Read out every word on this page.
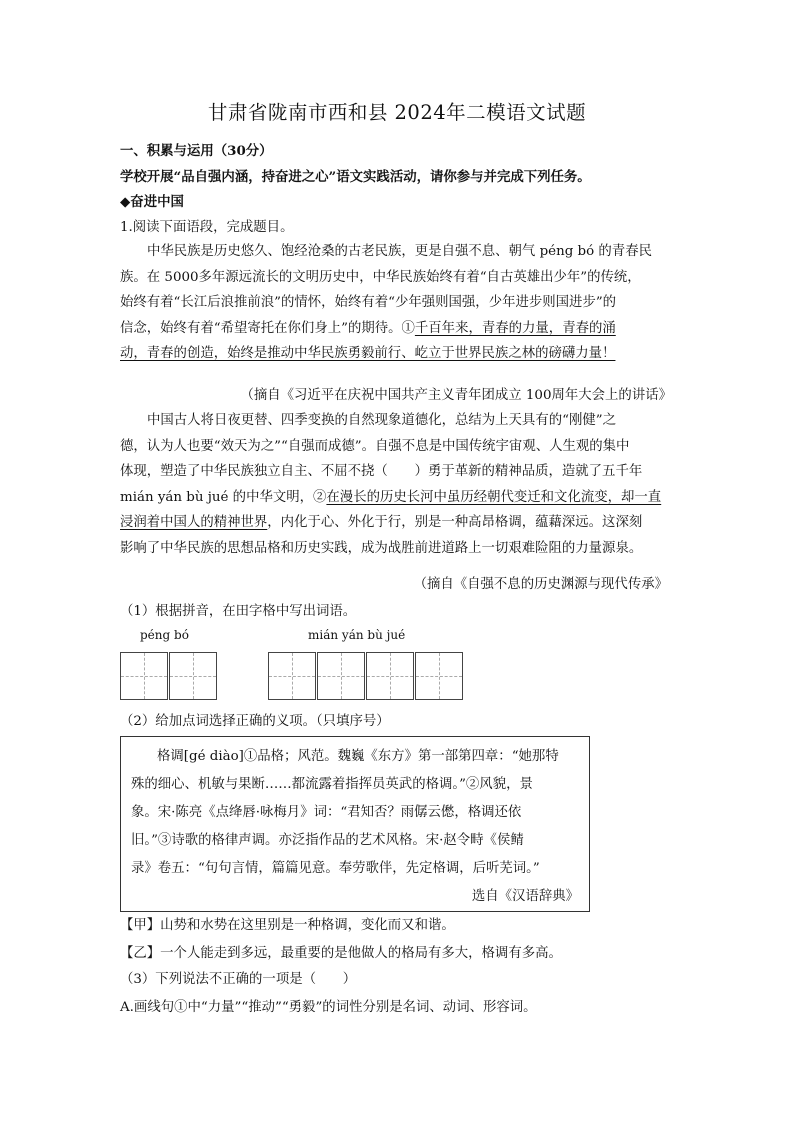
甘肃省陇南市西和县 2024年二模语文试题
一、积累与运用（30分）
学校开展“品自强内涵，持奋进之心”语文实践活动，请你参与并完成下列任务。
◆奋进中国
1.阅读下面语段，完成题目。
中华民族是历史悠久、饱经沧桑的古老民族，更是自强不息、朝气 péng bó 的青春民
族。在 5000多年源远流长的文明历史中，中华民族始终有着“自古英雄出少年”的传统，
始终有着“长江后浪推前浪”的情怀，始终有着“少年强则国强，少年进步则国进步”的
信念，始终有着“希望寄托在你们身上”的期待。①千百年来，青春的力量，青春的涌
动，青春的创造，始终是推动中华民族勇毅前行、屹立于世界民族之林的磅礴力量！
（摘自《习近平在庆祝中国共产主义青年团成立 100周年大会上的讲话》
中国古人将日夜更替、四季变换的自然现象道德化，总结为上天具有的“刚健”之
德，认为人也要“效天为之”“自强而成德”。自强不息是中国传统宇宙观、人生观的集中
体现，塑造了中华民族独立自主、不屈不挠（　　）勇于革新的精神品质，造就了五千年
mián yán bù jué 的中华文明，②在漫长的历史长河中虽历经朝代变迁和文化流变，却一直
浸润着中国人的精神世界，内化于心、外化于行，别是一种高昂格调，蕴藉深远。这深刻
影响了中华民族的思想品格和历史实践，成为战胜前进道路上一切艰难险阻的力量源泉。
（摘自《自强不息的历史渊源与现代传承》
（1）根据拼音，在田字格中写出词语。
péng bó	mián yán bù jué
（2）给加点词选择正确的义项。（只填序号）
格调[gé diào]①品格；风范。魏巍《东方》第一部第四章：“她那特
殊的细心、机敏与果断……都流露着指挥员英武的格调。”②风貌，景
象。宋·陈亮《点绛唇·咏梅月》词：“君知否？雨僝云僽，格调还依
旧。”③诗歌的格律声调。亦泛指作品的艺术风格。宋·赵令畤《侯鲭
录》卷五：“句句言情，篇篇见意。奉劳歌伴，先定格调，后听芜词。”
选自《汉语辞典》
【甲】山势和水势在这里别是一种格调，变化而又和谐。
【乙】一个人能走到多远，最重要的是他做人的格局有多大，格调有多高。
（3）下列说法不正确的一项是（　　）
A.画线句①中“力量”“推动”“勇毅”的词性分别是名词、动词、形容词。
